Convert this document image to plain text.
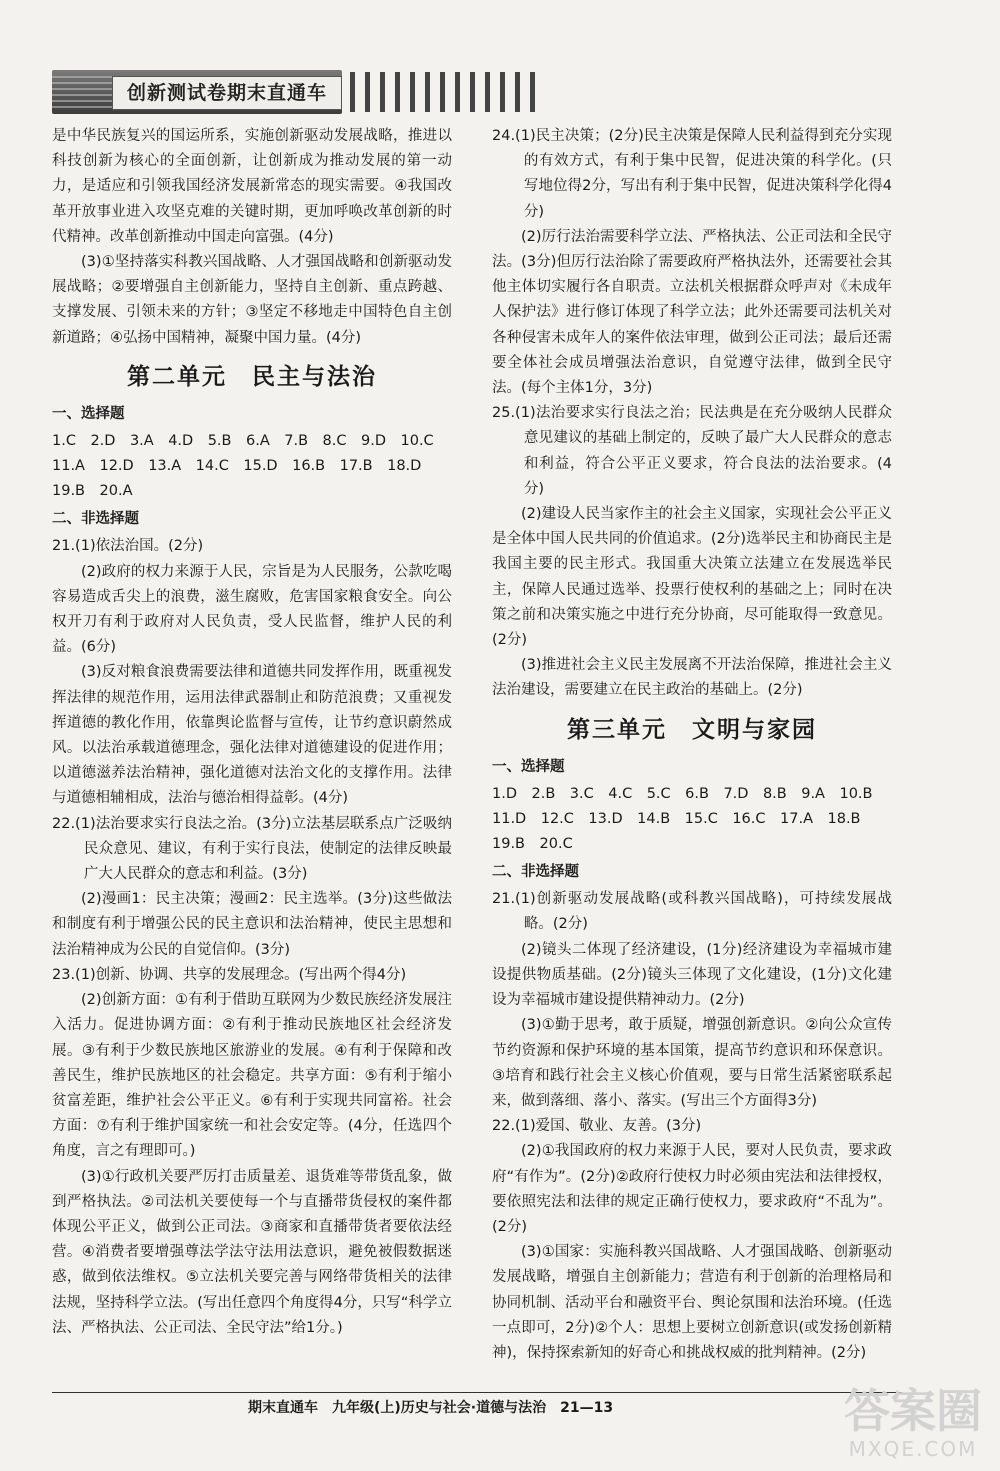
创新测试卷期末直通车

是中华民族复兴的国运所系，实施创新驱动发展战略，推进以科技创新为核心的全面创新，让创新成为推动发展的第一动力，是适应和引领我国经济发展新常态的现实需要。④我国改革开放事业进入攻坚克难的关键时期，更加呼唤改革创新的时代精神。改革创新推动中国走向富强。(4分)

(3)①坚持落实科教兴国战略、人才强国战略和创新驱动发展战略；②要增强自主创新能力，坚持自主创新、重点跨越、支撑发展、引领未来的方针；③坚定不移地走中国特色自主创新道路；④弘扬中国精神，凝聚中国力量。(4分)

第二单元　民主与法治
一、选择题

1.C　2.D　3.A　4.D　5.B　6.A　7.B　8.C　9.D　10.C

11.A　12.D　13.A　14.C　15.D　16.B　17.B　18.D

19.B　20.A

二、非选择题

21.(1)依法治国。(2分)

(2)政府的权力来源于人民，宗旨是为人民服务，公款吃喝容易造成舌尖上的浪费，滋生腐败，危害国家粮食安全。向公权开刀有利于政府对人民负责，受人民监督，维护人民的利益。(6分)

(3)反对粮食浪费需要法律和道德共同发挥作用，既重视发挥法律的规范作用，运用法律武器制止和防范浪费；又重视发挥道德的教化作用，依靠舆论监督与宣传，让节约意识蔚然成风。以法治承载道德理念，强化法律对道德建设的促进作用；以道德滋养法治精神，强化道德对法治文化的支撑作用。法律与道德相辅相成，法治与德治相得益彰。(4分)

22.(1)法治要求实行良法之治。(3分)立法基层联系点广泛吸纳民众意见、建议，有利于实行良法，使制定的法律反映最广大人民群众的意志和利益。(3分)

(2)漫画1：民主决策；漫画2：民主选举。(3分)这些做法和制度有利于增强公民的民主意识和法治精神，使民主思想和法治精神成为公民的自觉信仰。(3分)

23.(1)创新、协调、共享的发展理念。(写出两个得4分)

(2)创新方面：①有利于借助互联网为少数民族经济发展注入活力。促进协调方面：②有利于推动民族地区社会经济发展。③有利于少数民族地区旅游业的发展。④有利于保障和改善民生，维护民族地区的社会稳定。共享方面：⑤有利于缩小贫富差距，维护社会公平正义。⑥有利于实现共同富裕。社会方面：⑦有利于维护国家统一和社会安定等。(4分，任选四个角度，言之有理即可。)

(3)①行政机关要严厉打击质量差、退货难等带货乱象，做到严格执法。②司法机关要使每一个与直播带货侵权的案件都体现公平正义，做到公正司法。③商家和直播带货者要依法经营。④消费者要增强尊法学法守法用法意识，避免被假数据迷惑，做到依法维权。⑤立法机关要完善与网络带货相关的法律法规，坚持科学立法。(写出任意四个角度得4分，只写“科学立法、严格执法、公正司法、全民守法”给1分。)

24.(1)民主决策；(2分)民主决策是保障人民利益得到充分实现的有效方式，有利于集中民智，促进决策的科学化。(只写地位得2分，写出有利于集中民智，促进决策科学化得4分)

(2)厉行法治需要科学立法、严格执法、公正司法和全民守法。(3分)但厉行法治除了需要政府严格执法外，还需要社会其他主体切实履行各自职责。立法机关根据群众呼声对《未成年人保护法》进行修订体现了科学立法；此外还需要司法机关对各种侵害未成年人的案件依法审理，做到公正司法；最后还需要全体社会成员增强法治意识，自觉遵守法律，做到全民守法。(每个主体1分，3分)

25.(1)法治要求实行良法之治；民法典是在充分吸纳人民群众意见建议的基础上制定的，反映了最广大人民群众的意志和利益，符合公平正义要求，符合良法的法治要求。(4分)

(2)建设人民当家作主的社会主义国家，实现社会公平正义是全体中国人民共同的价值追求。(2分)选举民主和协商民主是我国主要的民主形式。我国重大决策立法建立在发展选举民主，保障人民通过选举、投票行使权利的基础之上；同时在决策之前和决策实施之中进行充分协商，尽可能取得一致意见。(2分)

(3)推进社会主义民主发展离不开法治保障，推进社会主义法治建设，需要建立在民主政治的基础上。(2分)

第三单元　文明与家园
一、选择题

1.D　2.B　3.C　4.C　5.C　6.B　7.D　8.B　9.A　10.B

11.D　12.C　13.D　14.B　15.C　16.C　17.A　18.B

19.B　20.C

二、非选择题

21.(1)创新驱动发展战略(或科教兴国战略)，可持续发展战略。(2分)

(2)镜头二体现了经济建设，(1分)经济建设为幸福城市建设提供物质基础。(2分)镜头三体现了文化建设，(1分)文化建设为幸福城市建设提供精神动力。(2分)

(3)①勤于思考，敢于质疑，增强创新意识。②向公众宣传节约资源和保护环境的基本国策，提高节约意识和环保意识。③培育和践行社会主义核心价值观，要与日常生活紧密联系起来，做到落细、落小、落实。(写出三个方面得3分)

22.(1)爱国、敬业、友善。(3分)

(2)①我国政府的权力来源于人民，要对人民负责，要求政府“有作为”。(2分)②政府行使权力时必须由宪法和法律授权，要依照宪法和法律的规定正确行使权力，要求政府“不乱为”。(2分)

(3)①国家：实施科教兴国战略、人才强国战略、创新驱动发展战略，增强自主创新能力；营造有利于创新的治理格局和协同机制、活动平台和融资平台、舆论氛围和法治环境。(任选一点即可，2分)②个人：思想上要树立创新意识(或发扬创新精神)，保持探索新知的好奇心和挑战权威的批判精神。(2分)

期末直通车　九年级(上)历史与社会·道德与法治　21—13	答案圈
MXQE.COM
